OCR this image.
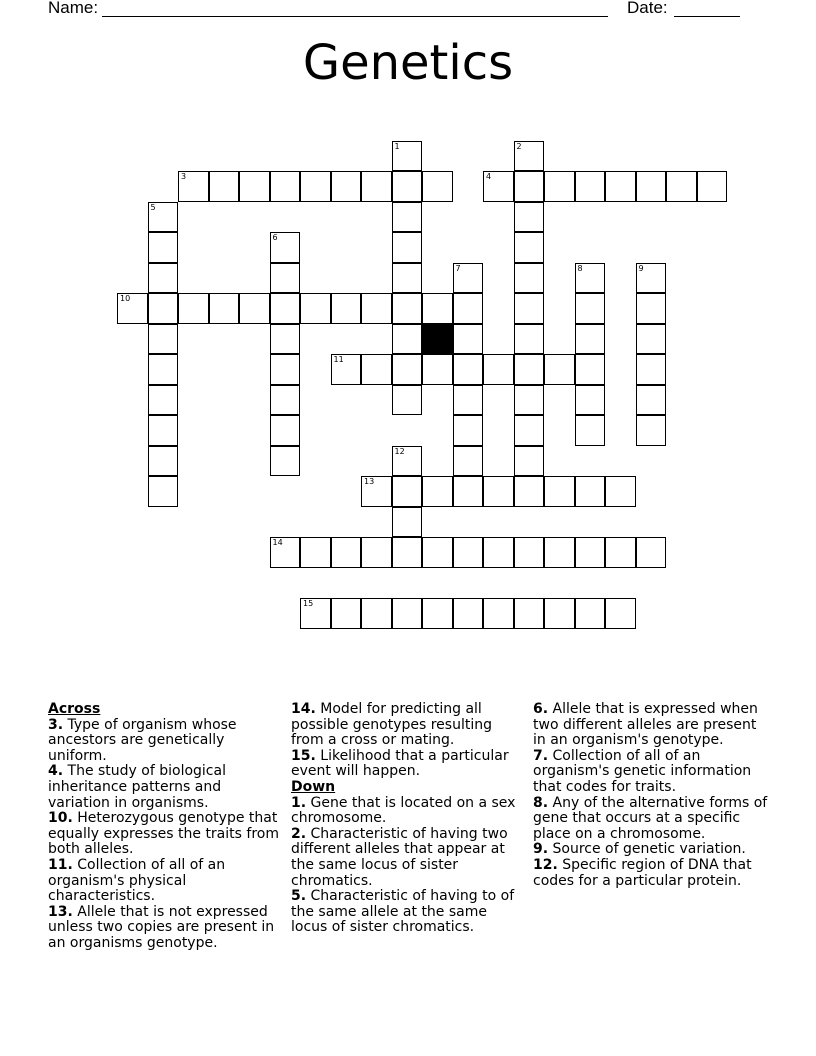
Name:	Date:
Genetics
1	2
3	4
5
6
7	8	9
10
11
12
13
14
15
Across
3. Type of organism whose ancestors are genetically uniform.
4. The study of biological inheritance patterns and variation in organisms.
10. Heterozygous genotype that equally expresses the traits from both alleles.
11. Collection of all of an organism's physical characteristics.
13. Allele that is not expressed unless two copies are present in an organisms genotype.
14. Model for predicting all possible genotypes resulting from a cross or mating.
15. Likelihood that a particular event will happen.
Down
1. Gene that is located on a sex chromosome.
2. Characteristic of having two different alleles that appear at the same locus of sister chromatics.
5. Characteristic of having to of the same allele at the same locus of sister chromatics.
6. Allele that is expressed when two different alleles are present in an organism's genotype.
7. Collection of all of an organism's genetic information that codes for traits.
8. Any of the alternative forms of gene that occurs at a specific place on a chromosome.
9. Source of genetic variation.
12. Specific region of DNA that codes for a particular protein.
